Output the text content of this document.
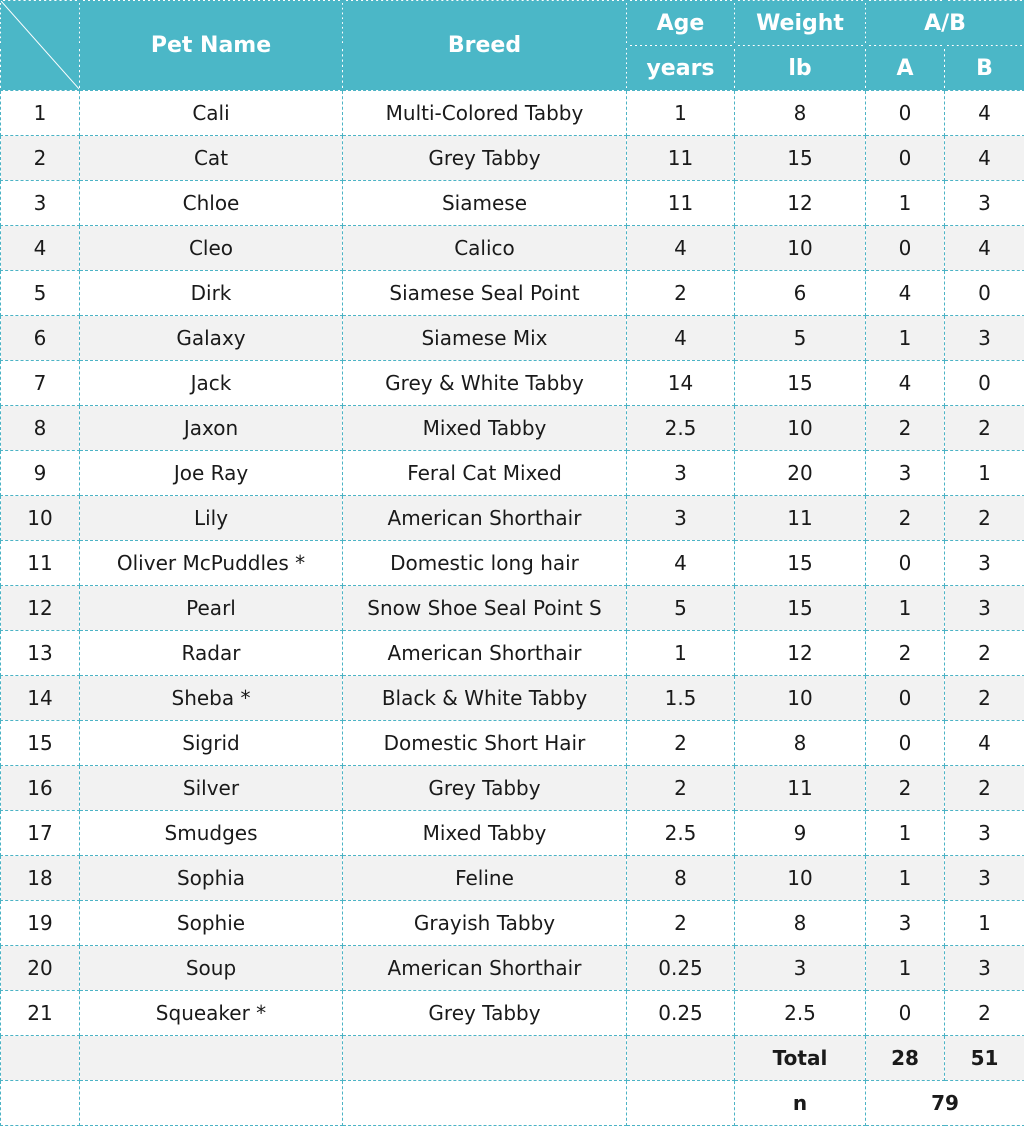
	Pet Name	Breed	Age	Weight	A/B	
			years	lb	A	B
1	Cali	Multi-Colored Tabby	1	8	0	4
2	Cat	Grey Tabby	11	15	0	4
3	Chloe	Siamese	11	12	1	3
4	Cleo	Calico	4	10	0	4
5	Dirk	Siamese Seal Point	2	6	4	0
6	Galaxy	Siamese Mix	4	5	1	3
7	Jack	Grey & White Tabby	14	15	4	0
8	Jaxon	Mixed Tabby	2.5	10	2	2
9	Joe Ray	Feral Cat Mixed	3	20	3	1
10	Lily	American Shorthair	3	11	2	2
11	Oliver McPuddles *	Domestic long hair	4	15	0	3
12	Pearl	Snow Shoe Seal Point S	5	15	1	3
13	Radar	American Shorthair	1	12	2	2
14	Sheba *	Black & White Tabby	1.5	10	0	2
15	Sigrid	Domestic Short Hair	2	8	0	4
16	Silver	Grey Tabby	2	11	2	2
17	Smudges	Mixed Tabby	2.5	9	1	3
18	Sophia	Feline	8	10	1	3
19	Sophie	Grayish Tabby	2	8	3	1
20	Soup	American Shorthair	0.25	3	1	3
21	Squeaker *	Grey Tabby	0.25	2.5	0	2
				Total	28	51
				n	79	
